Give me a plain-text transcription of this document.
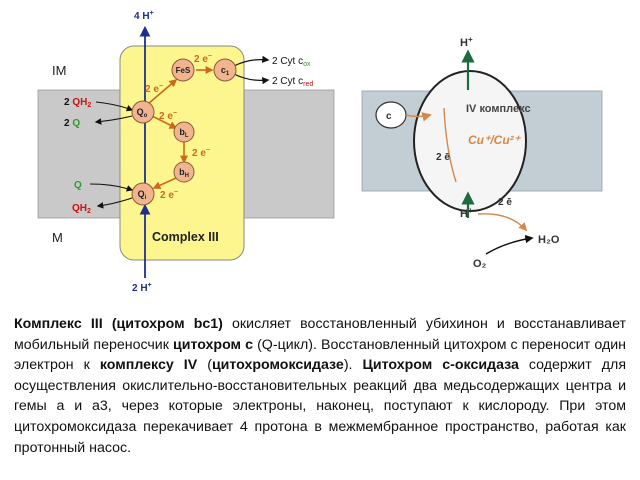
IM
M
4 H+
2 H+
FeS	$c_1$
$Q_o$
$b_L$
$b_H$
$Q_i$
2 e−
2 e−
2 e−
2 e−
2 e−
2 Cyt $c_{ox}$
2 Cyt $c_{red}$
2 $QH_2$
2 Q
Q
$QH_2$
Complex III
c
H+
H+
IV комплекс
Cu⁺/Cu²⁺
2 ē
2 ē
H₂O
O₂
Комплекс III (цитохром bc1) окисляет восстановленный убихинон и восстанавливает мобильный переносчик цитохром c (Q-цикл). Восстановленный цитохром c переносит один электрон к комплексу IV (цитохромоксидазе). Цитохром c-оксидаза содержит для осуществления окислительно-восстановительных реакций два медьсодержащих центра и гемы a и a3, через которые электроны, наконец, поступают к кислороду. При этом цитохромоксидаза перекачивает 4 протона в межмембранное пространство, работая как протонный насос.
